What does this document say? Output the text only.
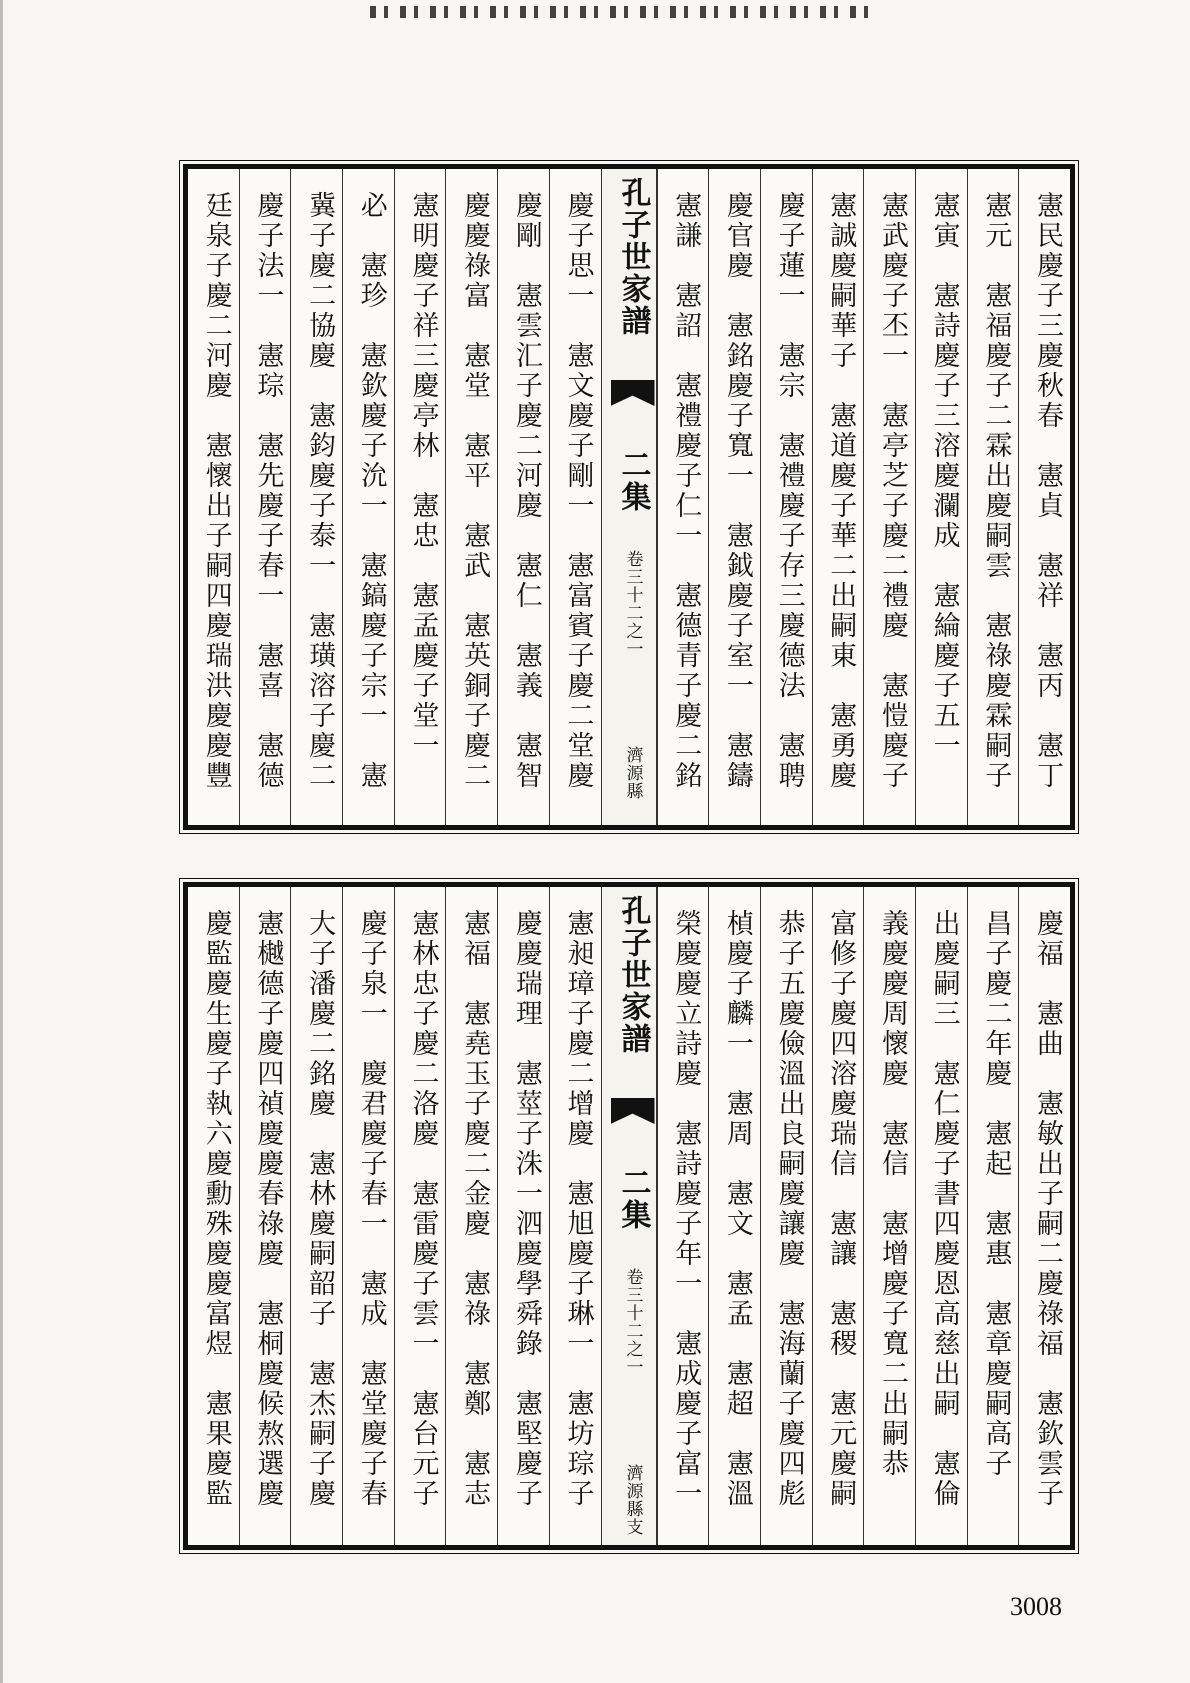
憲民慶子三慶秋春　憲貞　憲祥　憲丙　憲丁
憲元　憲福慶子二霖出慶嗣雲　憲祿慶霖嗣子　　
憲寅　憲詩慶子三溶慶瀾成　憲綸慶子五一　
憲武慶子丕一　憲亭芝子慶二禮慶　憲愷慶子
憲誠慶嗣華子　憲道慶子華二出嗣東　憲勇慶　
慶子蓮一　憲宗　憲禮慶子存三慶德法　憲聘
慶官慶　憲銘慶子寬一　憲鉞慶子室一　憲鑄　
憲謙　憲詔　憲禮慶子仁一　憲德青子慶二銘　
孔子世家譜  二集 卷三十二之一  濟源縣
慶子思一　憲文慶子剛一　憲富賓子慶二堂慶　
慶剛　憲雲汇子慶二河慶　憲仁　憲義　憲智　
慶慶祿富　憲堂　憲平　憲武　憲英銅子慶二　
憲明慶子祥三慶亭林　憲忠　憲孟慶子堂一　　
必　憲珍　憲欽慶子沇一　憲鎬慶子宗一　憲　
冀子慶二協慶　憲鈞慶子泰一　憲璜溶子慶二　　
慶子法一　憲琮　憲先慶子春一　憲喜　憲德　
廷泉子慶二河慶　憲懷出子嗣四慶瑞洪慶慶豐　　
慶福　憲曲　憲敏出子嗣二慶祿福　憲欽雲子　
昌子慶二年慶　憲起　憲惠　憲章慶嗣高子　
出慶嗣三　憲仁慶子書四慶恩高慈出嗣　憲倫　
義慶慶周懷慶　憲信　憲增慶子寬二出嗣恭　　
富修子慶四溶慶瑞信　憲讓　憲稷　憲元慶嗣　
恭子五慶儉溫出良嗣慶讓慶　憲海蘭子慶四彪　　
楨慶子麟一　憲周　憲文　憲孟　憲超　憲溫
榮慶慶立詩慶　憲詩慶子年一　憲成慶子富一　
孔子世家譜  二集 卷三十二之一  濟源縣支
憲昶璋子慶二增慶　憲旭慶子琳一　憲坊琮子　
慶慶瑞理　憲莖子洙一泗慶學舜錄　憲堅慶子　
憲福　憲堯玉子慶二金慶　憲祿　憲鄭　憲志
憲林忠子慶二洛慶　憲雷慶子雲一　憲台元子　
慶子泉一　慶君慶子春一　憲成　憲堂慶子春　
大子潘慶二銘慶　憲林慶嗣韶子　憲杰嗣子慶　
憲樾德子慶四禎慶慶春祿慶　憲桐慶候熬選慶　
慶監慶生慶子執六慶勳殊慶慶富煜　憲果慶監　
3008
